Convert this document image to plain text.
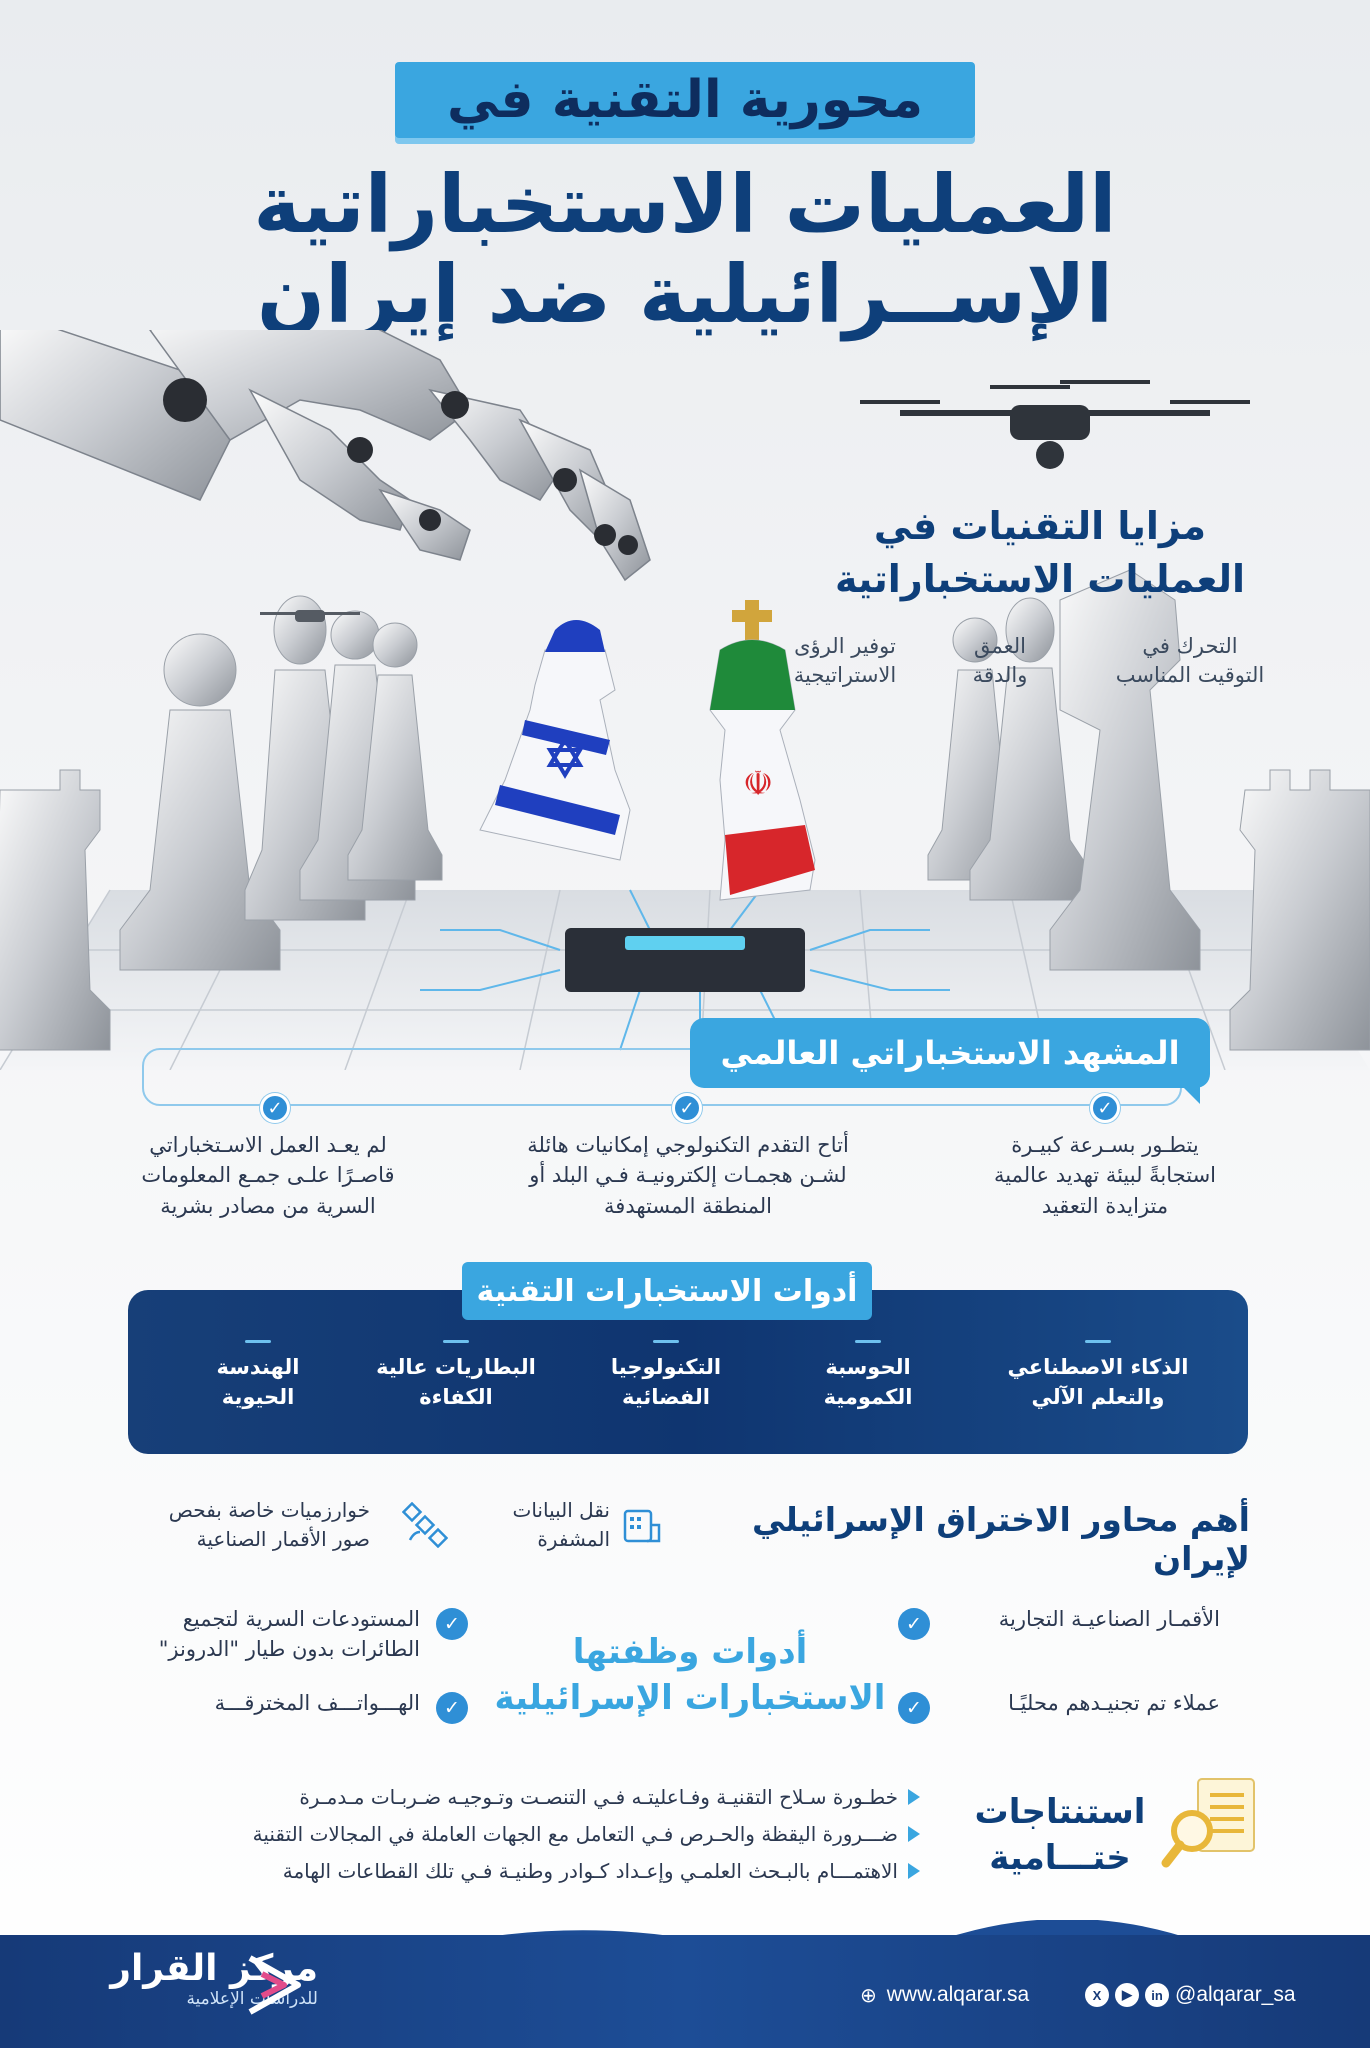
محورية التقنية في
العمليات الاستخباراتية
الإســرائيلية ضد إيران
☫
مزايا التقنيات في
العمليات الاستخباراتية
التحرك في
التوقيت المناسب
العمق
والدقة
توفير الرؤى
الاستراتيجية
المشهد الاستخباراتي العالمي
✓
✓
✓
يتطـور بسـرعة كبيـرة
استجابةً لبيئة تهديد عالمية
متزايدة التعقيد
أتاح التقدم التكنولوجي إمكانيات هائلة
لشـن هجمـات إلكترونيـة فـي البلد أو
المنطقة المستهدفة
لم يعـد العمل الاسـتخباراتي
قاصـرًا علـى جمـع المعلومات
السرية من مصادر بشرية
أدوات الاستخبارات التقنية
الذكاء الاصطناعي
والتعلم الآلي
الحوسبة
الكمومية
التكنولوجيا
الفضائية
البطاريات عالية
الكفاءة
الهندسة
الحيوية
أهم محاور الاختراق الإسرائيلي لإيران
نقل البيانات
المشفرة
خوارزميات خاصة بفحص
صور الأقمار الصناعية
أدوات وظفتها
الاستخبارات الإسرائيلية
✓	الأقمـار الصناعيـة التجارية
✓	عملاء تم تجنيـدهم محليًـا
✓
المستودعات السرية لتجميع
الطائرات بدون طيار "الدرونز"
✓
الهـــواتـــف المخترقـــة
استنتاجات
ختـــامية
خطـورة سـلاح التقنيـة وفـاعليتـه فـي التنصـت وتـوجيـه ضـربـات مـدمـرة
ضـــرورة اليقظة والحـرص فـي التعامل مع الجهات العاملة في المجالات التقنية
الاهتمـــام بالبـحث العلمـي وإعـداد كـوادر وطنيـة فـي تلك القطاعات الهامة
مركز القرار
للدراسات الإعلامية	⊕ www.alqarar.sa	X	▶	in @alqarar_sa
